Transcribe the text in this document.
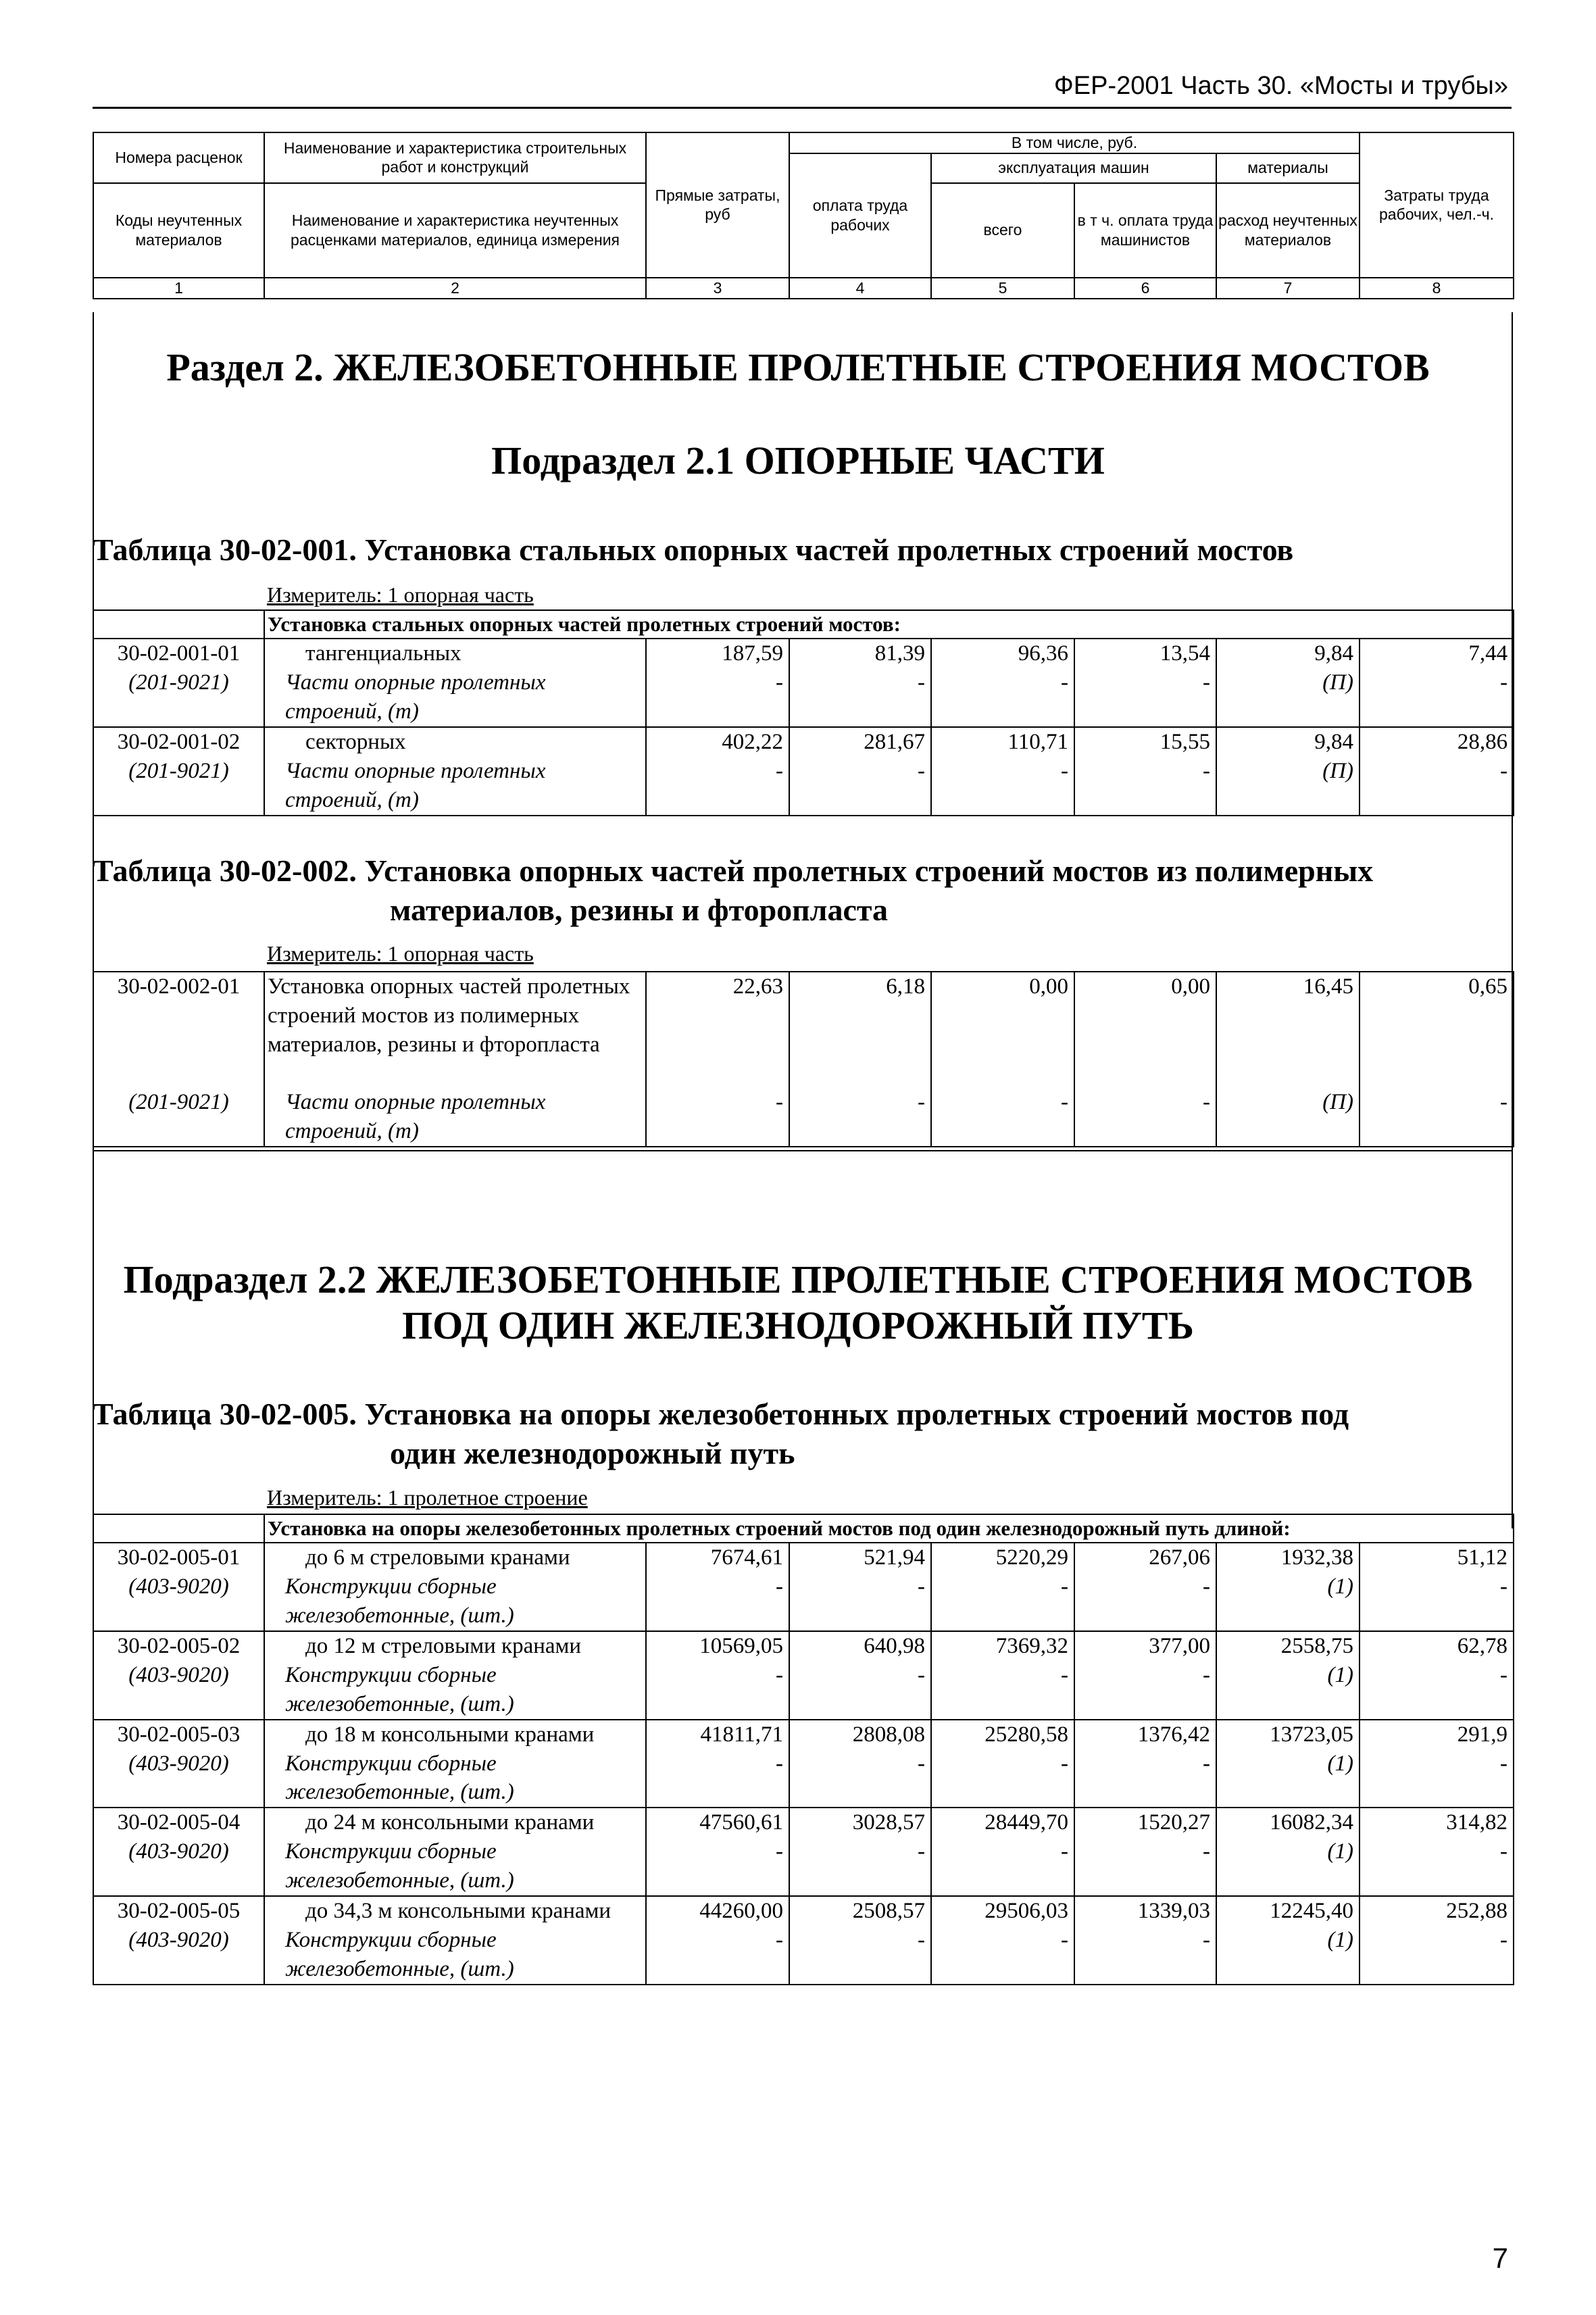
ФЕР-2001 Часть 30. «Мосты и трубы»
Номера расценок	Наименование и характеристика строительных работ и конструкций	Прямые затраты, руб	В том числе, руб.				Затраты труда рабочих, чел.-ч.
			оплата труда рабочих	эксплуатация машин		материалы	
Коды неучтенных материалов	Наименование и характеристика неучтенных расценками материалов, единица измерения			всего	в т ч. оплата труда машинистов	расход неучтенных материалов	

1	2	3	4	5	6	7	8
Раздел 2. ЖЕЛЕЗОБЕТОННЫЕ ПРОЛЕТНЫЕ СТРОЕНИЯ МОСТОВ
Подраздел 2.1 ОПОРНЫЕ ЧАСТИ
Таблица 30-02-001. Установка стальных опорных частей пролетных строений мостов
Измеритель: 1 опорная часть
	Установка стальных опорных частей пролетных строений мостов:						
30-02-001-01	тангенциальных	187,59	81,39	96,36	13,54	9,84	7,44
(201-9021)	Части опорные пролетных строений, (т)	-	-	-	-	(П)	-
30-02-001-02	секторных	402,22	281,67	110,71	15,55	9,84	28,86
(201-9021)	Части опорные пролетных строений, (т)	-	-	-	-	(П)	-
Таблица 30-02-002. Установка опорных частей пролетных строений мостов из полимерных
материалов, резины и фторопласта
Измеритель: 1 опорная часть
30-02-002-01	Установка опорных частей пролетных строений мостов из полимерных материалов, резины и фторопласта	22,63	6,18	0,00	0,00	16,45	0,65
(201-9021)	Части опорные пролетных строений, (т)	-	-	-	-	(П)	-
Подраздел 2.2 ЖЕЛЕЗОБЕТОННЫЕ ПРОЛЕТНЫЕ СТРОЕНИЯ МОСТОВ
ПОД ОДИН ЖЕЛЕЗНОДОРОЖНЫЙ ПУТЬ
Таблица 30-02-005. Установка на опоры железобетонных пролетных строений мостов под
один железнодорожный путь
Измеритель: 1 пролетное строение
	Установка на опоры железобетонных пролетных строений мостов под один железнодорожный путь длиной:						
30-02-005-01	до 6 м стреловыми кранами	7674,61	521,94	5220,29	267,06	1932,38	51,12
(403-9020)	Конструкции сборные железобетонные, (шт.)	-	-	-	-	(1)	-
30-02-005-02	до 12 м стреловыми кранами	10569,05	640,98	7369,32	377,00	2558,75	62,78
(403-9020)	Конструкции сборные железобетонные, (шт.)	-	-	-	-	(1)	-
30-02-005-03	до 18 м консольными кранами	41811,71	2808,08	25280,58	1376,42	13723,05	291,9
(403-9020)	Конструкции сборные железобетонные, (шт.)	-	-	-	-	(1)	-
30-02-005-04	до 24 м консольными кранами	47560,61	3028,57	28449,70	1520,27	16082,34	314,82
(403-9020)	Конструкции сборные железобетонные, (шт.)	-	-	-	-	(1)	-
30-02-005-05	до 34,3 м консольными кранами	44260,00	2508,57	29506,03	1339,03	12245,40	252,88
(403-9020)	Конструкции сборные железобетонные, (шт.)	-	-	-	-	(1)	-
7
